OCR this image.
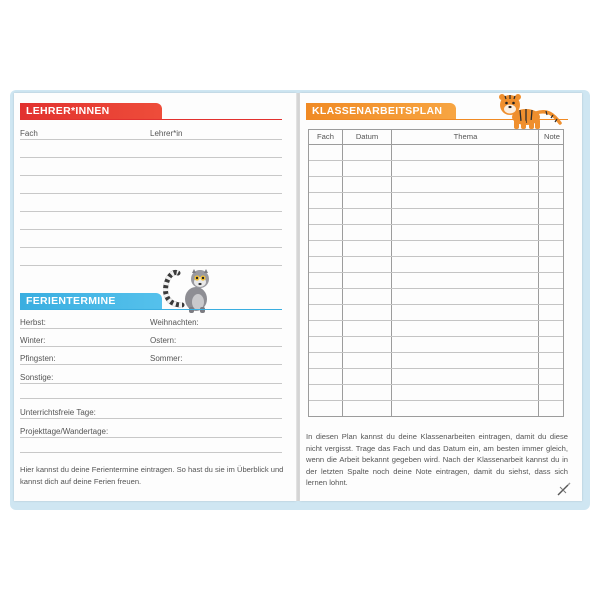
LEHRER*INNEN
Fach	Lehrer*in
FERIENTERMINE
Herbst:	Weihnachten:
Winter:	Ostern:
Pfingsten:	Sommer:
Sonstige:
Unterrichtsfreie Tage:
Projekttage/Wandertage:
Hier kannst du deine Ferientermine eintragen. So hast du sie im Überblick und kannst dich auf deine Ferien freuen.
KLASSENARBEITSPLAN
Fach	Datum	Thema	Note
In diesen Plan kannst du deine Klassenarbeiten eintragen, damit du diese nicht vergisst. Trage das Fach und das Datum ein, am besten immer gleich, wenn die Arbeit bekannt gegeben wird. Nach der Klassenarbeit kannst du in der letzten Spalte noch deine Note eintragen, damit du siehst, dass sich lernen lohnt.
